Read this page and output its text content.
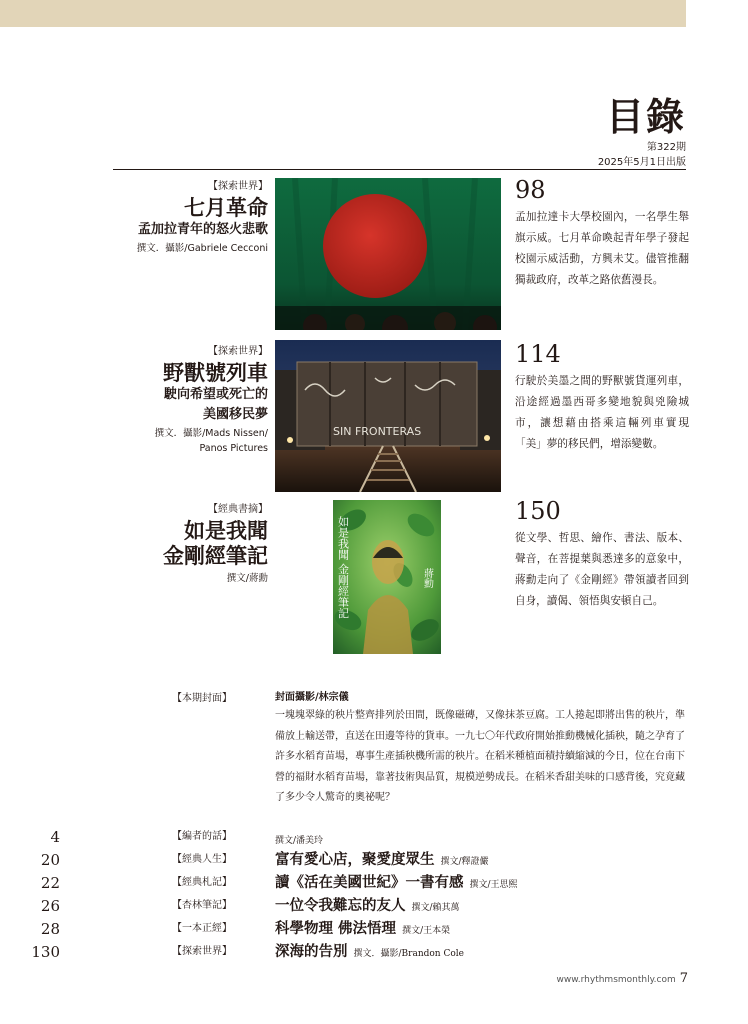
目錄
第322期
2025年5月1日出版
【探索世界】
七月革命
孟加拉青年的怒火悲歌
撰文．攝影/Gabriele Cecconi
98
孟加拉達卡大學校園內，一名學生舉旗示威。七月革命喚起青年學子發起校園示威活動，方興未艾。儘管推翻獨裁政府，改革之路依舊漫長。
【探索世界】
野獸號列車
駛向希望或死亡的
美國移民夢
撰文．攝影/Mads Nissen/
Panos Pictures
SIN FRONTERAS
114
行駛於美墨之間的野獸號貨運列車，沿途經過墨西哥多變地貌與兇險城市，讓想藉由搭乘這輛列車實現「美」夢的移民們，增添變數。
【經典書摘】
如是我聞
金剛經筆記
撰文/蔣勳	如是我聞 金剛經筆記	蔣勳
150
從文學、哲思、繪作、書法、版本、聲音，在菩提葉與悉達多的意象中，蔣勳走向了《金剛經》帶領讀者回到自身，讀偈、領悟與安頓自己。
【本期封面】	封面攝影/林宗儀
一塊塊翠綠的秧片整齊排列於田間，既像磁磚，又像抹茶豆腐。工人捲起即將出售的秧片，準備放上輸送帶，直送在田邊等待的貨車。一九七〇年代政府開始推動機械化插秧，隨之孕育了許多水稻育苗場，專事生產插秧機所需的秧片。在稻米種植面積持續縮減的今日，位在台南下營的福財水稻育苗場，靠著技術與品質，規模逆勢成長。在稻米香甜美味的口感背後，究竟藏了多少令人驚奇的奧祕呢？
4	【編者的話】	撰文/潘美玲
20	【經典人生】	富有愛心店，聚愛度眾生 撰文/釋證儼
22	【經典札記】	讀《活在美國世紀》一書有感 撰文/王思熙
26	【杏林筆記】	一位令我難忘的友人 撰文/賴其萬
28	【一本正經】	科學物理 佛法悟理 撰文/王本榮
130	【探索世界】	深海的告別 撰文．攝影/Brandon Cole
www.rhythmsmonthly.com 7
